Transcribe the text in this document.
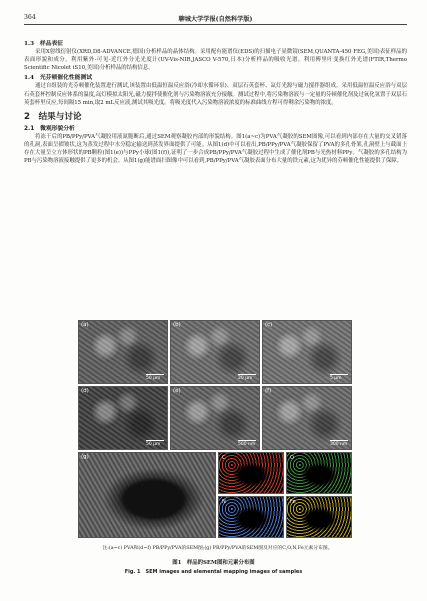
364	聊城大学学报(自然科学版)
1.3　样品表征

采用X射线衍射仪(XRD,D8-ADVANCE,德国)分析样品的晶体结构。采用配有能谱仪(EDS)的扫描电子显微镜(SEM,QUANTA-450 FEG,美国)表征样品的表面形貌和成分。利用紫外-可见-近红外分光光度计(UV-Vis-NIR,JASCO V-570,日本)分析样品的吸收光谱。利用傅里叶变换红外光谱(FTIR,Thermo Scientific Nicolet iS10,美国)分析样品的结构信息。

1.4　光芬顿催化性能测试

通过自组装的光芬顿催化装置进行测试,该装置由低温恒温反应浴(冷却水循环泵)、双层石英套杯、氙灯光源与磁力搅拌器组成。采用低温恒温反应浴与双层石英套杯控制反应体系的温度,氙灯模拟太阳光,磁力搅拌使催化剂与污染物溶液充分接触。测试过程中,将污染物溶液与一定量的芬顿催化剂及过氧化氢置于双层石英套杯里反应,每间隔15 min,取2 mL反应液,测试其吸光度。将吸光度代入污染物溶液浓度的标准曲线方程可得剩余污染物的浓度。

2　结果与讨论
2.1　微观形貌分析

将冻干后的PB/PPy/PVA气凝胶用液氮脆断后,通过SEM观察凝胶内部的形貌结构。图1(a~c)为PVA气凝胶的SEM图像,可以看到内部存在大量的交叉错落的孔洞,表面呈褶皱状,这为蒸发过程中水分稳定输送到蒸发界面提供了可能。从图1(d)中可以看出,PB/PPy/PVA气凝胶保留了PVA的多孔骨架,孔洞壁上与截面上存在大量呈立方体形状的PB颗粒(图1(e))与PPy小球(图1(f)),证明了一步合成PB/PPy/PVA气凝胶过程中生成了催化剂PB与光热材料PPy。气凝胶的多孔结构为PB与污染物溶液接触提供了更多的机会。从图1(g)能谱面扫图像中可以看到,PB/PPy/PVA气凝胶表面分布大量的铁元素,这为优异的芬顿催化性能提供了保障。

(a)
50 μm
(b)
20 μm
(c)
5 μm
(d)
50 μm
(e)
500 nm
(f)
300 nm
(g)	C	O
N	Fe
注:(a~c) PVA和(d~f) PB/PPy/PVA的SEM图;(g) PB/PPy/PVA的SEM图及对应的C,O,N,Fe元素分布图。
图1　样品的SEM图和元素分布图
Fig. 1　SEM images and elemental mapping images of samples
